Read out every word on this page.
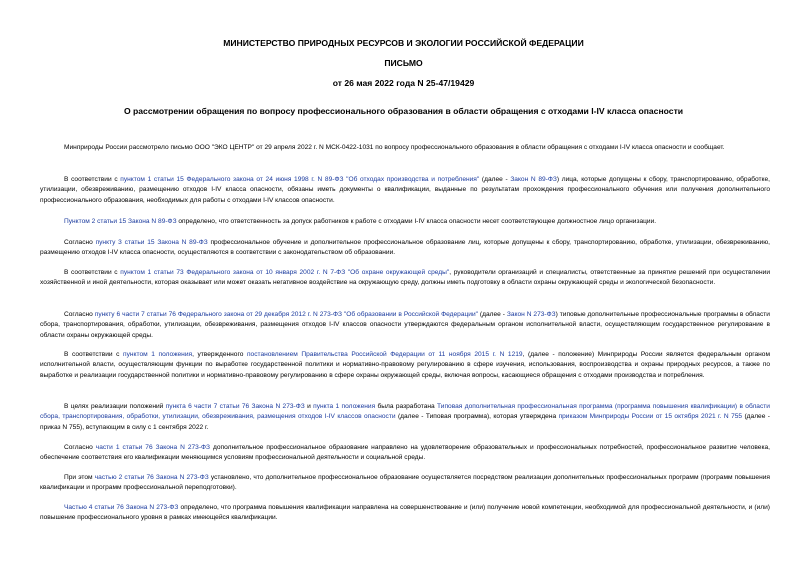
МИНИСТЕРСТВО ПРИРОДНЫХ РЕСУРСОВ И ЭКОЛОГИИ РОССИЙСКОЙ ФЕДЕРАЦИИ
ПИСЬМО
от 26 мая 2022 года N 25-47/19429
О рассмотрении обращения по вопросу профессионального образования в области обращения с отходами I-IV класса опасности

Минприроды России рассмотрело письмо ООО "ЭКО ЦЕНТР" от 29 апреля 2022 г. N МСК-0422-1031 по вопросу профессионального образования в области обращения с отходами I-IV класса опасности и сообщает.

В соответствии с пунктом 1 статьи 15 Федерального закона от 24 июня 1998 г. N 89-ФЗ "Об отходах производства и потребления" (далее - Закон N 89-ФЗ) лица, которые допущены к сбору, транспортированию, обработке, утилизации, обезвреживанию, размещению отходов I-IV класса опасности, обязаны иметь документы о квалификации, выданные по результатам прохождения профессионального обучения или получения дополнительного профессионального образования, необходимых для работы с отходами I-IV классов опасности.

Пунктом 2 статьи 15 Закона N 89-ФЗ определено, что ответственность за допуск работников к работе с отходами I-IV класса опасности несет соответствующее должностное лицо организации.

Согласно пункту 3 статьи 15 Закона N 89-ФЗ профессиональное обучение и дополнительное профессиональное образование лиц, которые допущены к сбору, транспортированию, обработке, утилизации, обезвреживанию, размещению отходов I-IV класса опасности, осуществляются в соответствии с законодательством об образовании.

В соответствии с пунктом 1 статьи 73 Федерального закона от 10 января 2002 г. N 7-ФЗ "Об охране окружающей среды", руководители организаций и специалисты, ответственные за принятие решений при осуществлении хозяйственной и иной деятельности, которая оказывает или может оказать негативное воздействие на окружающую среду, должны иметь подготовку в области охраны окружающей среды и экологической безопасности.

Согласно пункту 6 части 7 статьи 76 Федерального закона от 29 декабря 2012 г. N 273-ФЗ "Об образовании в Российской Федерации" (далее - Закон N 273-ФЗ) типовые дополнительные профессиональные программы в области сбора, транспортирования, обработки, утилизации, обезвреживания, размещения отходов I-IV классов опасности утверждаются федеральным органом исполнительной власти, осуществляющим государственное регулирование в области охраны окружающей среды.

В соответствии с пунктом 1 положения, утвержденного постановлением Правительства Российской Федерации от 11 ноября 2015 г. N 1219, (далее - положение) Минприроды России является федеральным органом исполнительной власти, осуществляющим функции по выработке государственной политики и нормативно-правовому регулированию в сфере изучения, использования, воспроизводства и охраны природных ресурсов, а также по выработке и реализации государственной политики и нормативно-правовому регулированию в сфере охраны окружающей среды, включая вопросы, касающиеся обращения с отходами производства и потребления.

В целях реализации положений пункта 6 части 7 статьи 76 Закона N 273-ФЗ и пункта 1 положения была разработана Типовая дополнительная профессиональная программа (программа повышения квалификации) в области сбора, транспортирования, обработки, утилизации, обезвреживания, размещения отходов I-IV классов опасности (далее - Типовая программа), которая утверждена приказом Минприроды России от 15 октября 2021 г. N 755 (далее - приказ N 755), вступающим в силу с 1 сентября 2022 г.

Согласно части 1 статьи 76 Закона N 273-ФЗ дополнительное профессиональное образование направлено на удовлетворение образовательных и профессиональных потребностей, профессиональное развитие человека, обеспечение соответствия его квалификации меняющимся условиям профессиональной деятельности и социальной среды.

При этом частью 2 статьи 76 Закона N 273-ФЗ установлено, что дополнительное профессиональное образование осуществляется посредством реализации дополнительных профессиональных программ (программ повышения квалификации и программ профессиональной переподготовки).

Частью 4 статьи 76 Закона N 273-ФЗ определено, что программа повышения квалификации направлена на совершенствование и (или) получение новой компетенции, необходимой для профессиональной деятельности, и (или) повышение профессионального уровня в рамках имеющейся квалификации.
